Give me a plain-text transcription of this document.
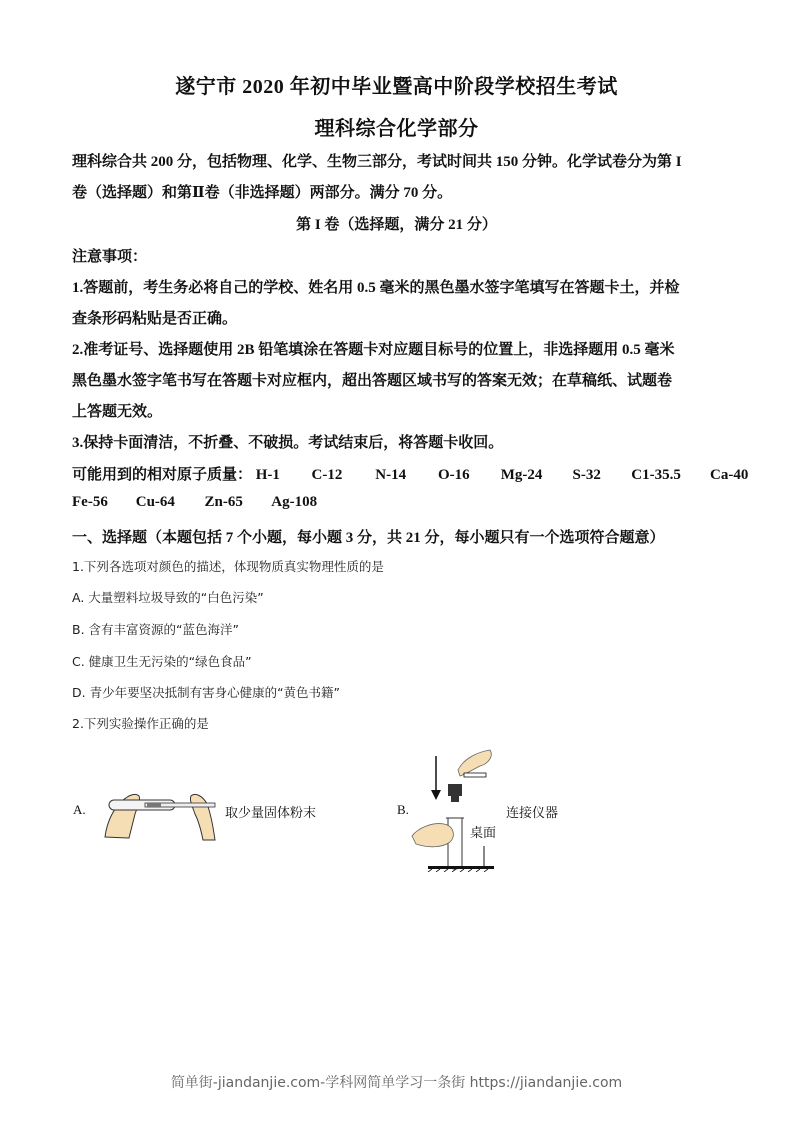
遂宁市 2020 年初中毕业暨高中阶段学校招生考试
理科综合化学部分
理科综合共 200 分，包括物理、化学、生物三部分，考试时间共 150 分钟。化学试卷分为第 I
卷（选择题）和第Ⅱ卷（非选择题）两部分。满分 70 分。
第 I 卷（选择题，满分 21 分）
注意事项：
1.答题前，考生务必将自己的学校、姓名用 0.5 毫米的黑色墨水签字笔填写在答题卡土，并检
查条形码粘贴是否正确。
2.准考证号、选择题使用 2B 铅笔填涂在答题卡对应题目标号的位置上，非选择题用 0.5 毫米
黑色墨水签字笔书写在答题卡对应框内，超出答题区域书写的答案无效；在草稿纸、试题卷
上答题无效。
3.保持卡面清洁，不折叠、不破损。考试结束后，将答题卡收回。
可能用到的相对原子质量： H-1 C-12 N-14 O-16 Mg-24 S-32 C1-35.5 Ca-40
Fe-56 Cu-64 Zn-65 Ag-108
一、选择题（本题包括 7 个小题，每小题 3 分，共 21 分，每小题只有一个选项符合题意）
1.下列各选项对颜色的描述，体现物质真实物理性质的是
A. 大量塑料垃圾导致的“白色污染”
B. 含有丰富资源的“蓝色海洋”
C. 健康卫生无污染的“绿色食品”
D. 青少年要坚决抵制有害身心健康的“黄色书籍”
2.下列实验操作正确的是
A.	取少量固体粉末	B.
桌面
连接仪器
简单街-jiandanjie.com-学科网简单学习一条街 https://jiandanjie.com
